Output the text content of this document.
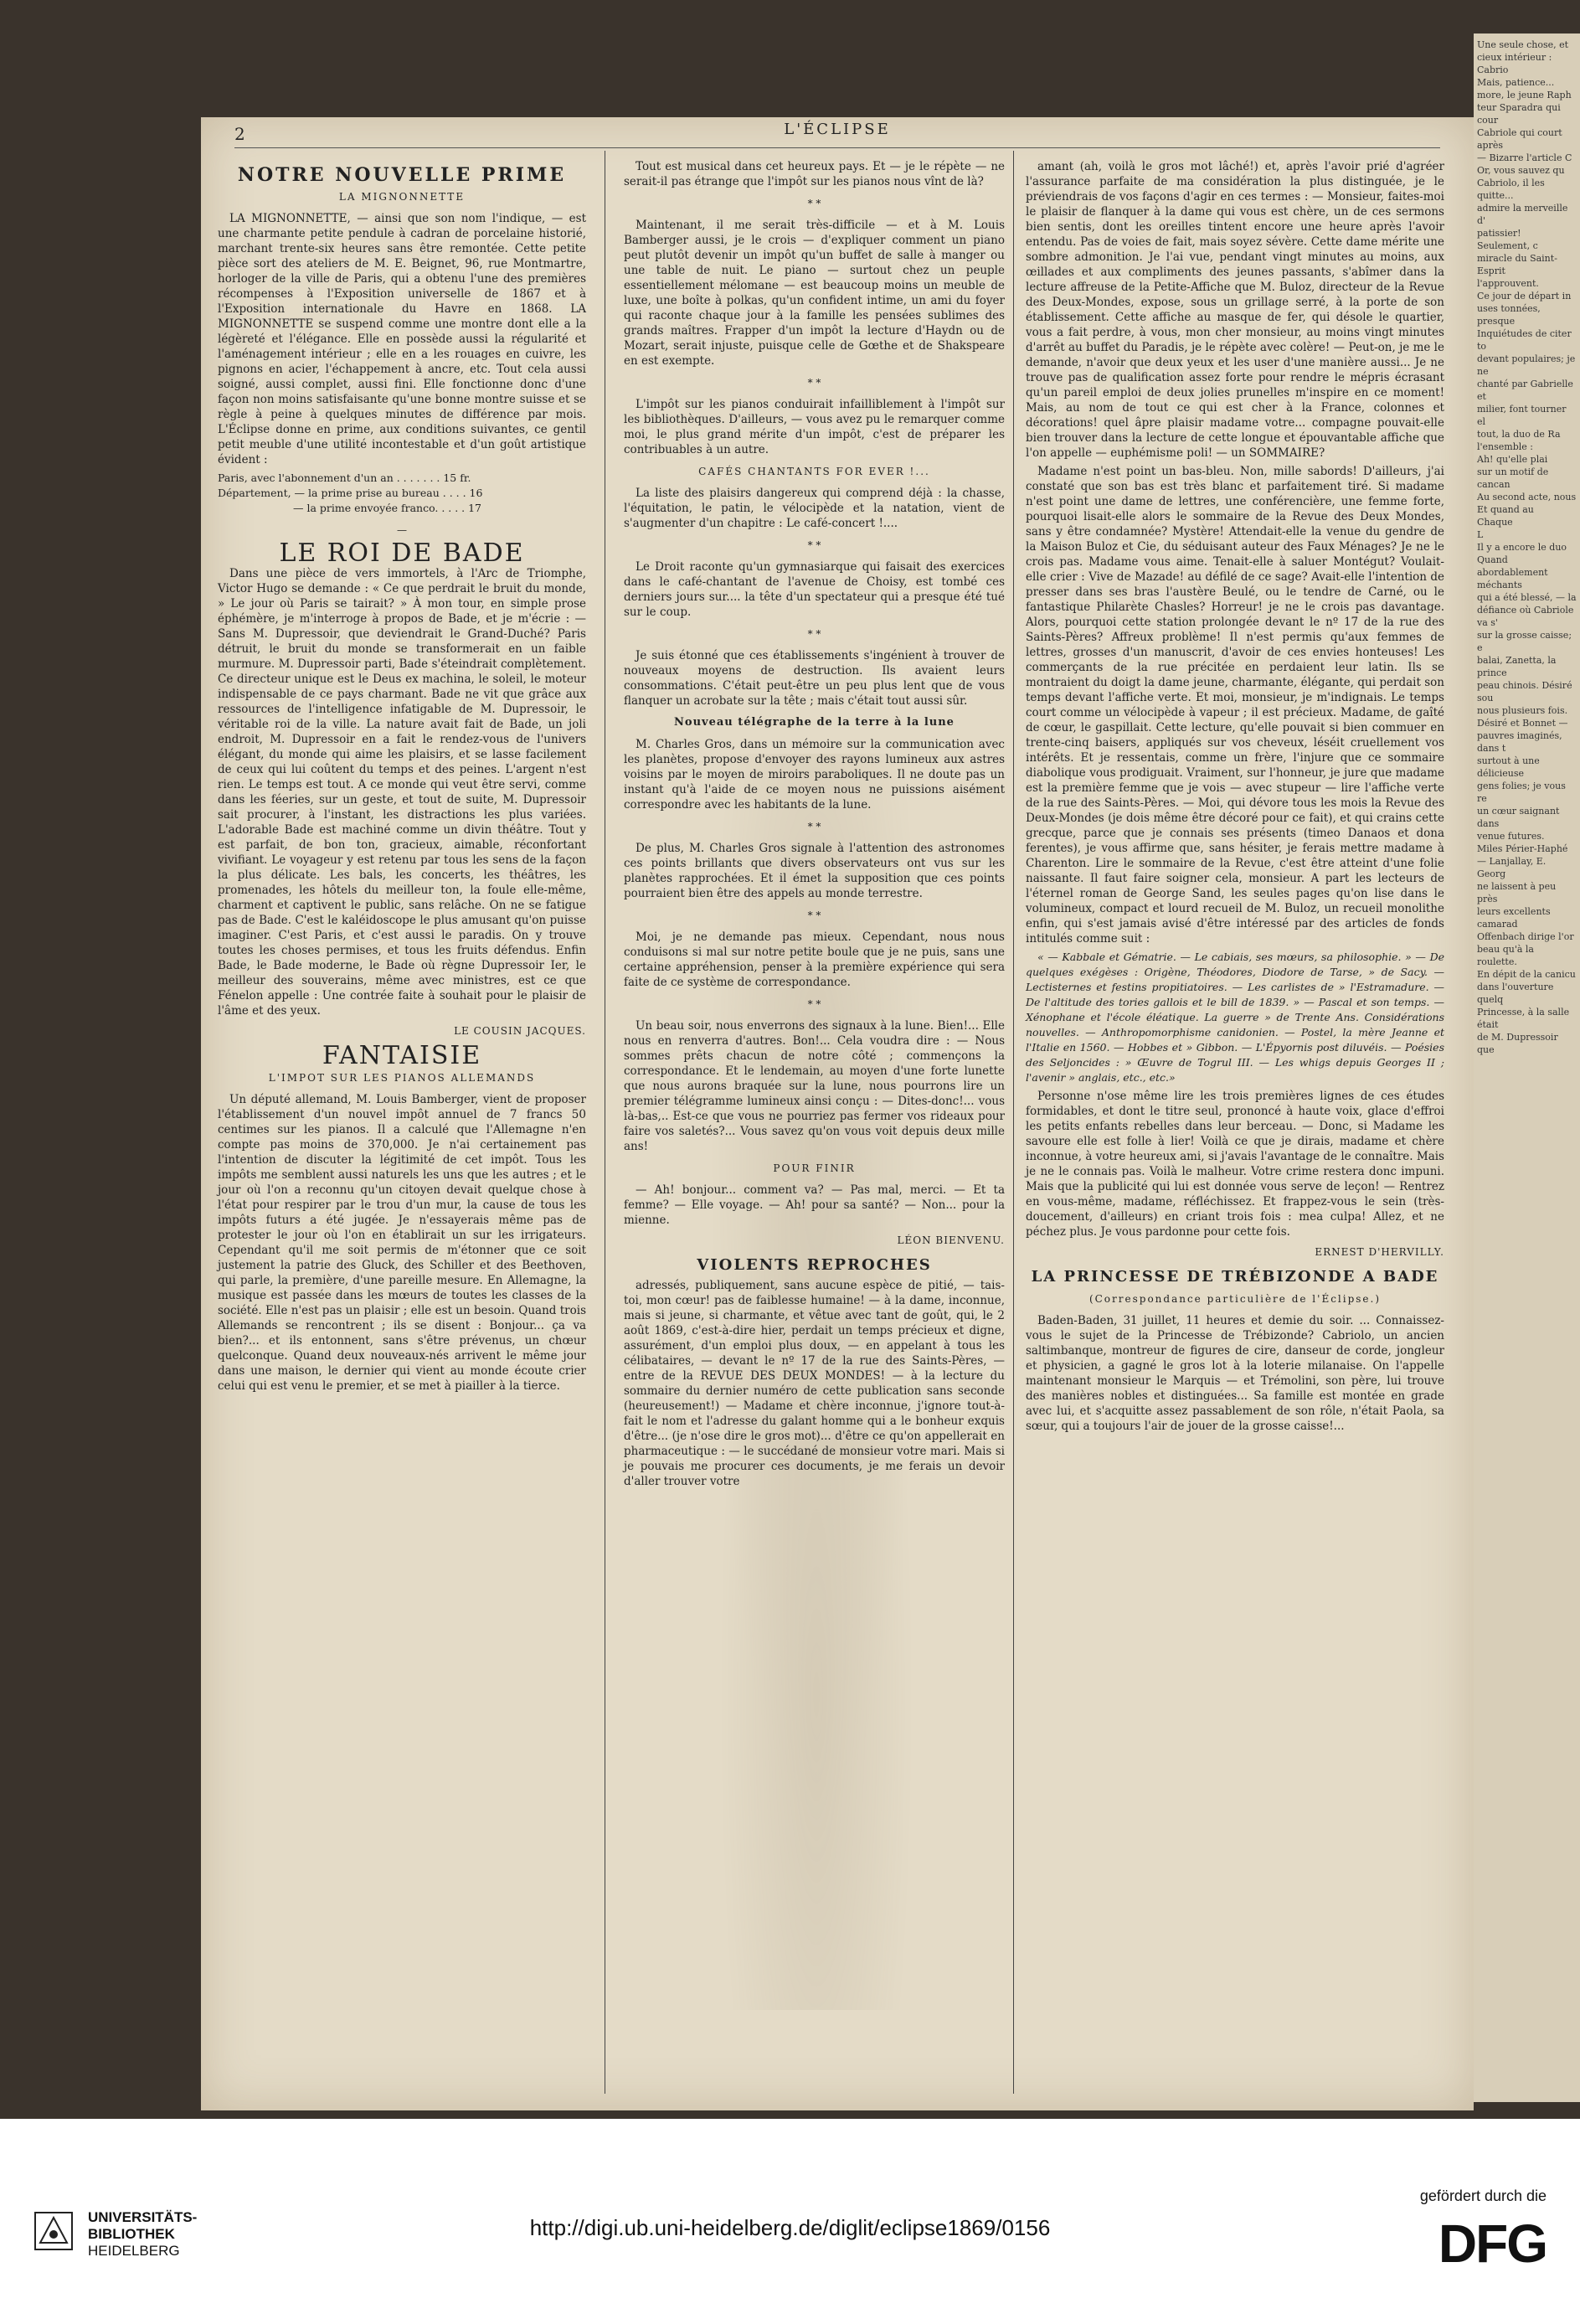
2	L'ÉCLIPSE
NOTRE NOUVELLE PRIME
LA MIGNONNETTE

LA MIGNONNETTE, — ainsi que son nom l'indique, — est une charmante petite pendule à cadran de porcelaine historié, marchant trente-six heures sans être remontée. Cette petite pièce sort des ateliers de M. E. Beignet, 96, rue Montmartre, horloger de la ville de Paris, qui a obtenu l'une des premières récompenses à l'Exposition universelle de 1867 et à l'Exposition internationale du Havre en 1868. LA MIGNONNETTE se suspend comme une montre dont elle a la légèreté et l'élégance. Elle en possède aussi la régularité et l'aménagement intérieur ; elle en a les rouages en cuivre, les pignons en acier, l'échappement à ancre, etc. Tout cela aussi soigné, aussi complet, aussi fini. Elle fonctionne donc d'une façon non moins satisfaisante qu'une bonne montre suisse et se règle à peine à quelques minutes de différence par mois. L'Éclipse donne en prime, aux conditions suivantes, ce gentil petit meuble d'une utilité incontestable et d'un goût artistique évident :

Paris, avec l'abonnement d'un an . . . . . . . 15 fr.
Département, — la prime prise au bureau . . . . 16
— la prime envoyée franco. . . . . 17
—
LE ROI DE BADE

Dans une pièce de vers immortels, à l'Arc de Triomphe, Victor Hugo se demande : « Ce que perdrait le bruit du monde, » Le jour où Paris se tairait? » À mon tour, en simple prose éphémère, je m'interroge à propos de Bade, et je m'écrie : — Sans M. Dupressoir, que deviendrait le Grand-Duché? Paris détruit, le bruit du monde se transformerait en un faible murmure. M. Dupressoir parti, Bade s'éteindrait complètement. Ce directeur unique est le Deus ex machina, le soleil, le moteur indispensable de ce pays charmant. Bade ne vit que grâce aux ressources de l'intelligence infatigable de M. Dupressoir, le véritable roi de la ville. La nature avait fait de Bade, un joli endroit, M. Dupressoir en a fait le rendez-vous de l'univers élégant, du monde qui aime les plaisirs, et se lasse facilement de ceux qui lui coûtent du temps et des peines. L'argent n'est rien. Le temps est tout. A ce monde qui veut être servi, comme dans les féeries, sur un geste, et tout de suite, M. Dupressoir sait procurer, à l'instant, les distractions les plus variées. L'adorable Bade est machiné comme un divin théâtre. Tout y est parfait, de bon ton, gracieux, aimable, réconfortant vivifiant. Le voyageur y est retenu par tous les sens de la façon la plus délicate. Les bals, les concerts, les théâtres, les promenades, les hôtels du meilleur ton, la foule elle-même, charment et captivent le public, sans relâche. On ne se fatigue pas de Bade. C'est le kaléidoscope le plus amusant qu'on puisse imaginer. C'est Paris, et c'est aussi le paradis. On y trouve toutes les choses permises, et tous les fruits défendus. Enfin Bade, le Bade moderne, le Bade où règne Dupressoir Ier, le meilleur des souverains, même avec ministres, est ce que Fénelon appelle : Une contrée faite à souhait pour le plaisir de l'âme et des yeux.

LE COUSIN JACQUES.
FANTAISIE
L'IMPOT SUR LES PIANOS ALLEMANDS

Un député allemand, M. Louis Bamberger, vient de proposer l'établissement d'un nouvel impôt annuel de 7 francs 50 centimes sur les pianos. Il a calculé que l'Allemagne n'en compte pas moins de 370,000. Je n'ai certainement pas l'intention de discuter la légitimité de cet impôt. Tous les impôts me semblent aussi naturels les uns que les autres ; et le jour où l'on a reconnu qu'un citoyen devait quelque chose à l'état pour respirer par le trou d'un mur, la cause de tous les impôts futurs a été jugée. Je n'essayerais même pas de protester le jour où l'on en établirait un sur les irrigateurs. Cependant qu'il me soit permis de m'étonner que ce soit justement la patrie des Gluck, des Schiller et des Beethoven, qui parle, la première, d'une pareille mesure. En Allemagne, la musique est passée dans les mœurs de toutes les classes de la société. Elle n'est pas un plaisir ; elle est un besoin. Quand trois Allemands se rencontrent ; ils se disent : Bonjour... ça va bien?... et ils entonnent, sans s'être prévenus, un chœur quelconque. Quand deux nouveaux-nés arrivent le même jour dans une maison, le dernier qui vient au monde écoute crier celui qui est venu le premier, et se met à piailler à la tierce.

Tout est musical dans cet heureux pays. Et — je le répète — ne serait-il pas étrange que l'impôt sur les pianos nous vînt de là?

* *

Maintenant, il me serait très-difficile — et à M. Louis Bamberger aussi, je le crois — d'expliquer comment un piano peut plutôt devenir un impôt qu'un buffet de salle à manger ou une table de nuit. Le piano — surtout chez un peuple essentiellement mélomane — est beaucoup moins un meuble de luxe, une boîte à polkas, qu'un confident intime, un ami du foyer qui raconte chaque jour à la famille les pensées sublimes des grands maîtres. Frapper d'un impôt la lecture d'Haydn ou de Mozart, serait injuste, puisque celle de Gœthe et de Shakspeare en est exempte.

* *

L'impôt sur les pianos conduirait infailliblement à l'impôt sur les bibliothèques. D'ailleurs, — vous avez pu le remarquer comme moi, le plus grand mérite d'un impôt, c'est de préparer les contribuables à un autre.

CAFÉS CHANTANTS FOR EVER !...

La liste des plaisirs dangereux qui comprend déjà : la chasse, l'équitation, le patin, le vélocipède et la natation, vient de s'augmenter d'un chapitre : Le café-concert !....

* *

Le Droit raconte qu'un gymnasiarque qui faisait des exercices dans le café-chantant de l'avenue de Choisy, est tombé ces derniers jours sur.... la tête d'un spectateur qui a presque été tué sur le coup.

* *

Je suis étonné que ces établissements s'ingénient à trouver de nouveaux moyens de destruction. Ils avaient leurs consommations. C'était peut-être un peu plus lent que de vous flanquer un acrobate sur la tête ; mais c'était tout aussi sûr.

Nouveau télégraphe de la terre à la lune

M. Charles Gros, dans un mémoire sur la communication avec les planètes, propose d'envoyer des rayons lumineux aux astres voisins par le moyen de miroirs paraboliques. Il ne doute pas un instant qu'à l'aide de ce moyen nous ne puissions aisément correspondre avec les habitants de la lune.

* *

De plus, M. Charles Gros signale à l'attention des astronomes ces points brillants que divers observateurs ont vus sur les planètes rapprochées. Et il émet la supposition que ces points pourraient bien être des appels au monde terrestre.

* *

Moi, je ne demande pas mieux. Cependant, nous nous conduisons si mal sur notre petite boule que je ne puis, sans une certaine appréhension, penser à la première expérience qui sera faite de ce système de correspondance.

* *

Un beau soir, nous enverrons des signaux à la lune. Bien!... Elle nous en renverra d'autres. Bon!... Cela voudra dire : — Nous sommes prêts chacun de notre côté ; commençons la correspondance. Et le lendemain, au moyen d'une forte lunette que nous aurons braquée sur la lune, nous pourrons lire un premier télégramme lumineux ainsi conçu : — Dites-donc!... vous là-bas,.. Est-ce que vous ne pourriez pas fermer vos rideaux pour faire vos saletés?... Vous savez qu'on vous voit depuis deux mille ans!

POUR FINIR

— Ah! bonjour... comment va? — Pas mal, merci. — Et ta femme? — Elle voyage. — Ah! pour sa santé? — Non... pour la mienne.

LÉON BIENVENU.
VIOLENTS REPROCHES

adressés, publiquement, sans aucune espèce de pitié, — tais-toi, mon cœur! pas de faiblesse humaine! — à la dame, inconnue, mais si jeune, si charmante, et vêtue avec tant de goût, qui, le 2 août 1869, c'est-à-dire hier, perdait un temps précieux et digne, assurément, d'un emploi plus doux, — en appelant à tous les célibataires, — devant le nº 17 de la rue des Saints-Pères, — entre de la REVUE DES DEUX MONDES! — à la lecture du sommaire du dernier numéro de cette publication sans seconde (heureusement!) — Madame et chère inconnue, j'ignore tout-à-fait le nom et l'adresse du galant homme qui a le bonheur exquis d'être... (je n'ose dire le gros mot)... d'être ce qu'on appellerait en pharmaceutique : — le succédané de monsieur votre mari. Mais si je pouvais me procurer ces documents, je me ferais un devoir d'aller trouver votre

amant (ah, voilà le gros mot lâché!) et, après l'avoir prié d'agréer l'assurance parfaite de ma considération la plus distinguée, je le préviendrais de vos façons d'agir en ces termes : — Monsieur, faites-moi le plaisir de flanquer à la dame qui vous est chère, un de ces sermons bien sentis, dont les oreilles tintent encore une heure après l'avoir entendu. Pas de voies de fait, mais soyez sévère. Cette dame mérite une sombre admonition. Je l'ai vue, pendant vingt minutes au moins, aux œillades et aux compliments des jeunes passants, s'abîmer dans la lecture affreuse de la Petite-Affiche que M. Buloz, directeur de la Revue des Deux-Mondes, expose, sous un grillage serré, à la porte de son établissement. Cette affiche au masque de fer, qui désole le quartier, vous a fait perdre, à vous, mon cher monsieur, au moins vingt minutes d'arrêt au buffet du Paradis, je le répète avec colère! — Peut-on, je me le demande, n'avoir que deux yeux et les user d'une manière aussi... Je ne trouve pas de qualification assez forte pour rendre le mépris écrasant qu'un pareil emploi de deux jolies prunelles m'inspire en ce moment! Mais, au nom de tout ce qui est cher à la France, colonnes et décorations! quel âpre plaisir madame votre... compagne pouvait-elle bien trouver dans la lecture de cette longue et épouvantable affiche que l'on appelle — euphémisme poli! — un SOMMAIRE?

Madame n'est point un bas-bleu. Non, mille sabords! D'ailleurs, j'ai constaté que son bas est très blanc et parfaitement tiré. Si madame n'est point une dame de lettres, une conférencière, une femme forte, pourquoi lisait-elle alors le sommaire de la Revue des Deux Mondes, sans y être condamnée? Mystère! Attendait-elle la venue du gendre de la Maison Buloz et Cie, du séduisant auteur des Faux Ménages? Je ne le crois pas. Madame vous aime. Tenait-elle à saluer Montégut? Voulait-elle crier : Vive de Mazade! au défilé de ce sage? Avait-elle l'intention de presser dans ses bras l'austère Beulé, ou le tendre de Carné, ou le fantastique Philarète Chasles? Horreur! je ne le crois pas davantage. Alors, pourquoi cette station prolongée devant le nº 17 de la rue des Saints-Pères? Affreux problème! Il n'est permis qu'aux femmes de lettres, grosses d'un manuscrit, d'avoir de ces envies honteuses! Les commerçants de la rue précitée en perdaient leur latin. Ils se montraient du doigt la dame jeune, charmante, élégante, qui perdait son temps devant l'affiche verte. Et moi, monsieur, je m'indignais. Le temps court comme un vélocipède à vapeur ; il est précieux. Madame, de gaîté de cœur, le gaspillait. Cette lecture, qu'elle pouvait si bien commuer en trente-cinq baisers, appliqués sur vos cheveux, léséit cruellement vos intérêts. Et je ressentais, comme un frère, l'injure que ce sommaire diabolique vous prodiguait. Vraiment, sur l'honneur, je jure que madame est la première femme que je vois — avec stupeur — lire l'affiche verte de la rue des Saints-Pères. — Moi, qui dévore tous les mois la Revue des Deux-Mondes (je dois même être décoré pour ce fait), et qui crains cette grecque, parce que je connais ses présents (timeo Danaos et dona ferentes), je vous affirme que, sans hésiter, je ferais mettre madame à Charenton. Lire le sommaire de la Revue, c'est être atteint d'une folie naissante. Il faut faire soigner cela, monsieur. A part les lecteurs de l'éternel roman de George Sand, les seules pages qu'on lise dans le volumineux, compact et lourd recueil de M. Buloz, un recueil monolithe enfin, qui s'est jamais avisé d'être intéressé par des articles de fonds intitulés comme suit :

« — Kabbale et Gématrie. — Le cabiais, ses mœurs, sa philosophie. » — De quelques exégèses : Origène, Théodores, Diodore de Tarse, » de Sacy. — Lectisternes et festins propitiatoires. — Les carlistes de » l'Estramadure. — De l'altitude des tories gallois et le bill de 1839. » — Pascal et son temps. — Xénophane et l'école éléatique. La guerre » de Trente Ans. Considérations nouvelles. — Anthropomorphisme canidonien. — Postel, la mère Jeanne et l'Italie en 1560. — Hobbes et » Gibbon. — L'Épyornis post diluvéis. — Poésies des Seljoncides : » Œuvre de Togrul III. — Les whigs depuis Georges II ; l'avenir » anglais, etc., etc.»

Personne n'ose même lire les trois premières lignes de ces études formidables, et dont le titre seul, prononcé à haute voix, glace d'effroi les petits enfants rebelles dans leur berceau. — Donc, si Madame les savoure elle est folle à lier! Voilà ce que je dirais, madame et chère inconnue, à votre heureux ami, si j'avais l'avantage de le connaître. Mais je ne le connais pas. Voilà le malheur. Votre crime restera donc impuni. Mais que la publicité qui lui est donnée vous serve de leçon! — Rentrez en vous-même, madame, réfléchissez. Et frappez-vous le sein (très-doucement, d'ailleurs) en criant trois fois : mea culpa! Allez, et ne péchez plus. Je vous pardonne pour cette fois.

ERNEST D'HERVILLY.
LA PRINCESSE DE TRÉBIZONDE A BADE
(Correspondance particulière de l'Éclipse.)

Baden-Baden, 31 juillet, 11 heures et demie du soir. ... Connaissez-vous le sujet de la Princesse de Trébizonde? Cabriolo, un ancien saltimbanque, montreur de figures de cire, danseur de corde, jongleur et physicien, a gagné le gros lot à la loterie milanaise. On l'appelle maintenant monsieur le Marquis — et Trémolini, son père, lui trouve des manières nobles et distinguées... Sa famille est montée en grade avec lui, et s'acquitte assez passablement de son rôle, n'était Paola, sa sœur, qui a toujours l'air de jouer de la grosse caisse!...

Une seule chose, et
cieux intérieur : Cabrio
Mais, patience...
more, le jeune Raph
teur Sparadra qui cour
Cabriole qui court après
— Bizarre l'article C
Or, vous sauvez qu
Cabriolo, il les quitte...
admire la merveille d'
patissier! Seulement, c
miracle du Saint-Esprit
l'approuvent.
Ce jour de départ in
uses tonnées, presque
Inquiétudes de citer to
devant populaires; je ne
chanté par Gabrielle et
milier, font tourner el
tout, la duo de Ra
l'ensemble :
Ah! qu'elle plai
sur un motif de cancan
Au second acte, nous
Et quand au
Chaque
L
Il y a encore le duo
Quand
abordablement méchants
qui a été blessé, — la
défiance où Cabriole va s'
sur la grosse caisse; e
balai, Zanetta, la prince
peau chinois. Désiré sou
nous plusieurs fois.
Désiré et Bonnet —
pauvres imaginés, dans t
surtout à une délicieuse
gens folies; je vous re
un cœur saignant dans
venue futures.
Miles Périer-Haphé
— Lanjallay, E. Georg
ne laissent à peu près
leurs excellents camarad
Offenbach dirige l'or
beau qu'à la roulette.
En dépit de la canicu
dans l'ouverture quelq
Princesse, à la salle était
de M. Dupressoir que
UNIVERSITÄTS-
BIBLIOTHEK
HEIDELBERG
http://digi.ub.uni-heidelberg.de/diglit/eclipse1869/0156
gefördert durch die
DFG
